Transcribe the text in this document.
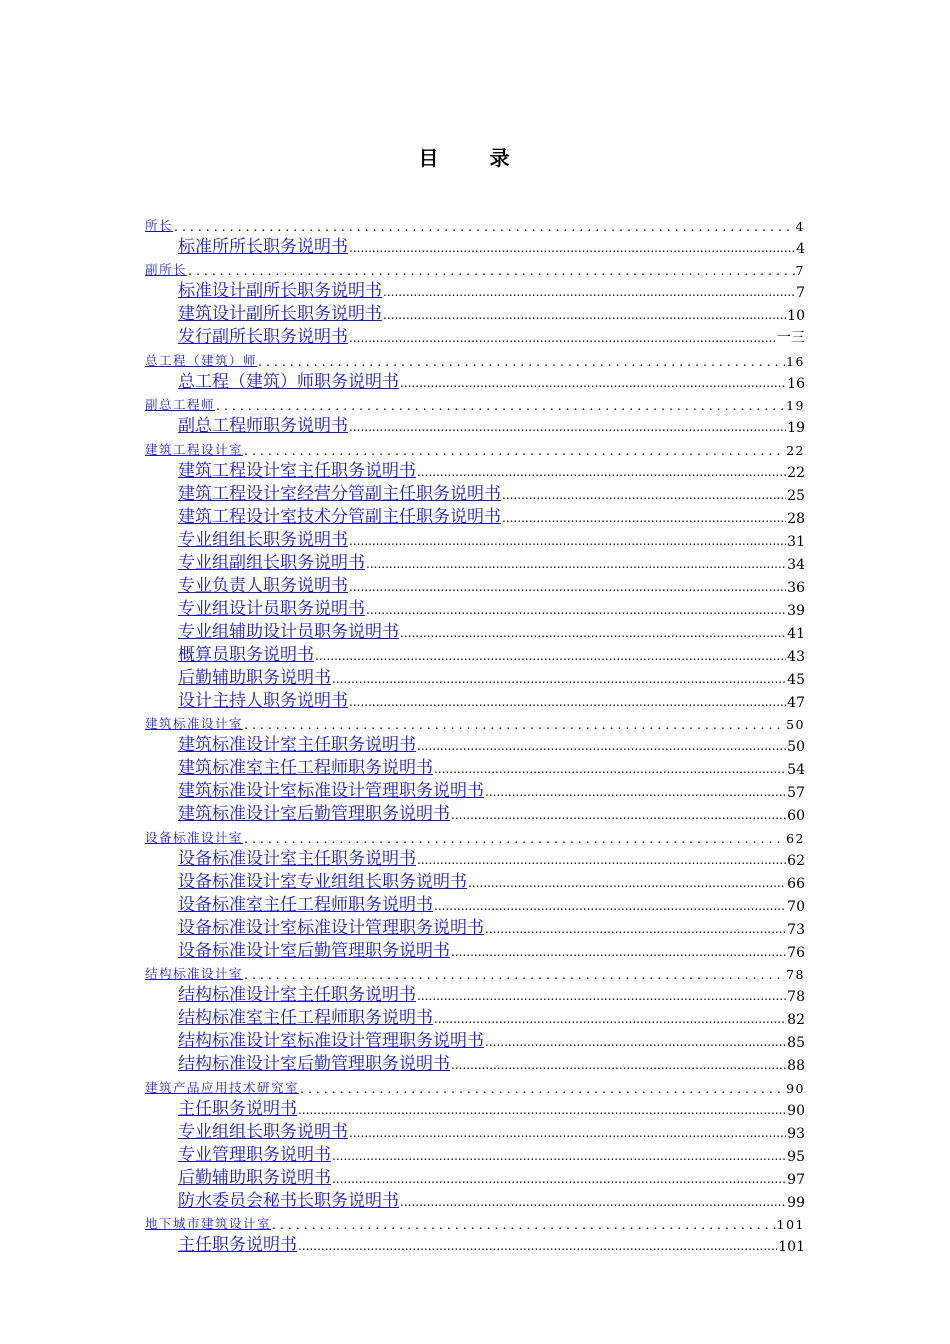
目 录
所长 . . .	4
标准所所长职务说明书 .....	4
副所长 . . .	7
标准设计副所长职务说明书 .....	7
建筑设计副所长职务说明书 .....	10
发行副所长职务说明书 .....	一三
总工程（建筑）师 . . .	16
总工程（建筑）师职务说明书 .....	16
副总工程师 . . .	19
副总工程师职务说明书 .....	19
建筑工程设计室 . . .	22
建筑工程设计室主任职务说明书 .....	22
建筑工程设计室经营分管副主任职务说明书 .....	25
建筑工程设计室技术分管副主任职务说明书 .....	28
专业组组长职务说明书 .....	31
专业组副组长职务说明书 .....	34
专业负责人职务说明书 .....	36
专业组设计员职务说明书 .....	39
专业组辅助设计员职务说明书 .....	41
概算员职务说明书 .....	43
后勤辅助职务说明书 .....	45
设计主持人职务说明书 .....	47
建筑标准设计室 . . .	50
建筑标准设计室主任职务说明书 .....	50
建筑标准室主任工程师职务说明书 .....	54
建筑标准设计室标准设计管理职务说明书 .....	57
建筑标准设计室后勤管理职务说明书 .....	60
设备标准设计室 . . .	62
设备标准设计室主任职务说明书 .....	62
设备标准设计室专业组组长职务说明书 .....	66
设备标准室主任工程师职务说明书 .....	70
设备标准设计室标准设计管理职务说明书 .....	73
设备标准设计室后勤管理职务说明书 .....	76
结构标准设计室 . . .	78
结构标准设计室主任职务说明书 .....	78
结构标准室主任工程师职务说明书 .....	82
结构标准设计室标准设计管理职务说明书 .....	85
结构标准设计室后勤管理职务说明书 .....	88
建筑产品应用技术研究室 . . .	90
主任职务说明书 .....	90
专业组组长职务说明书 .....	93
专业管理职务说明书 .....	95
后勤辅助职务说明书 .....	97
防水委员会秘书长职务说明书 .....	99
地下城市建筑设计室 . . .	101
主任职务说明书 .....	101
